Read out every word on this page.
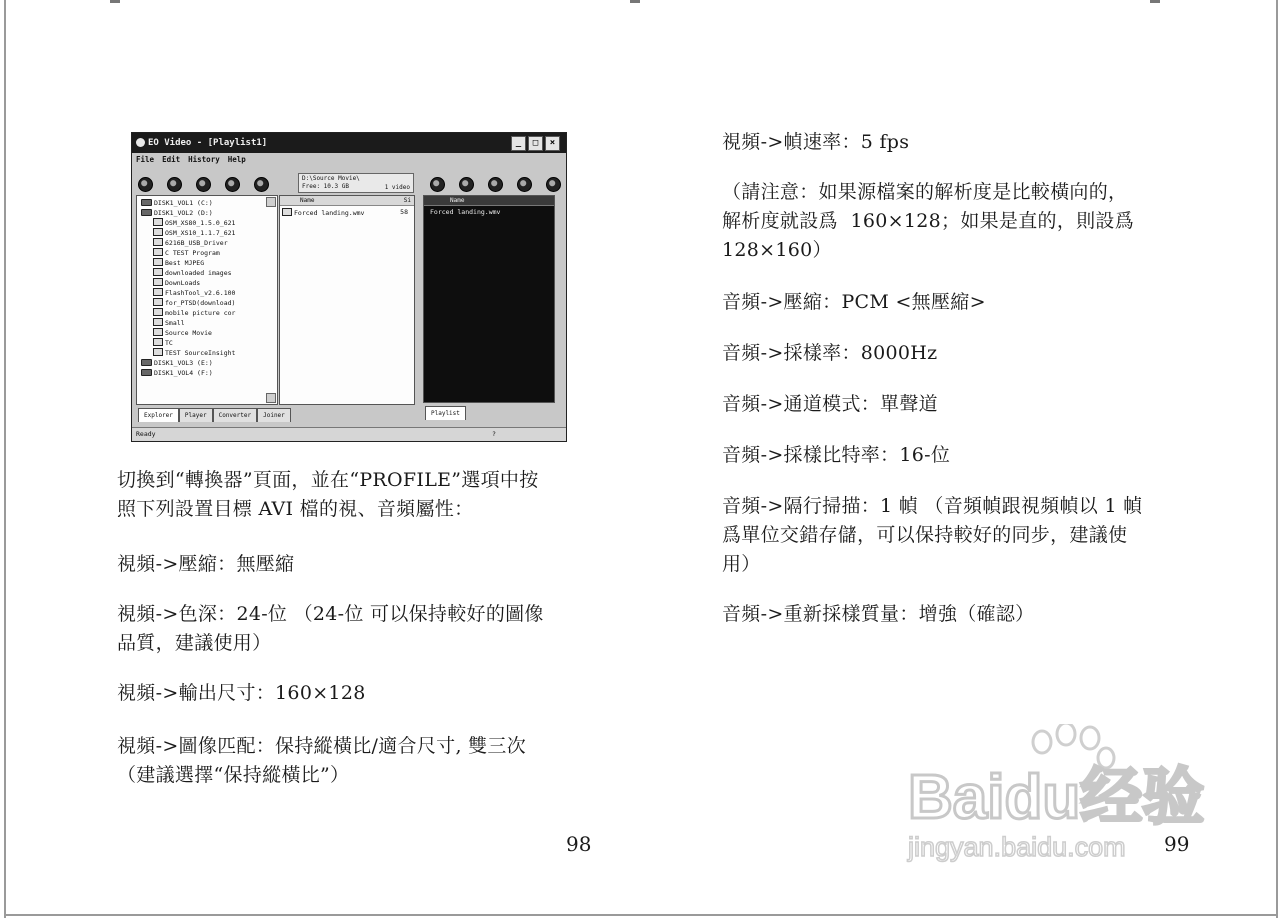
EO Video - [Playlist1]	_	□	×
File Edit History Help
D:\Source Movie\
Free: 10.3 GB	1 video
DISK1_VOL1 (C:)
DISK1_VOL2 (D:)
OSM_XS80_1.5.0_621
OSM_XS10_1.1.7_621
6216B_USB_Driver
C TEST Program
Best MJPEG
downloaded images
DownLoads
FlashTool_v2.6.100
for_PTSD(download)
mobile picture cor
Small
Source Movie
TC
TEST SourceInsight
DISK1_VOL3 (E:)
DISK1_VOL4 (F:)
Name	Si
Forced landing.wmv	58
Name
Forced landing.wmv
Explorer	Player	Converter	Joiner	Playlist
Ready	?

切換到“轉換器”頁面，並在“PROFILE”選項中按
照下列設置目標 AVI 檔的視、音頻屬性：

視頻->壓縮：無壓縮

視頻->色深：24-位 （24-位 可以保持較好的圖像
品質，建議使用）

視頻->輸出尺寸：160×128

視頻->圖像匹配：保持縱橫比/適合尺寸, 雙三次
（建議選擇“保持縱橫比”）

98

視頻->幀速率：5 fps

（請注意：如果源檔案的解析度是比較橫向的，
解析度就設爲  160×128；如果是直的，則設爲
128×160）

音頻->壓縮：PCM <無壓縮>

音頻->採樣率：8000Hz

音頻->通道模式：單聲道

音頻->採樣比特率：16-位

音頻->隔行掃描：1 幀 （音頻幀跟視頻幀以 1 幀
爲單位交錯存儲，可以保持較好的同步，建議使
用）

音頻->重新採樣質量：增強（確認）

99
Baidu经验
jingyan.baidu.com
